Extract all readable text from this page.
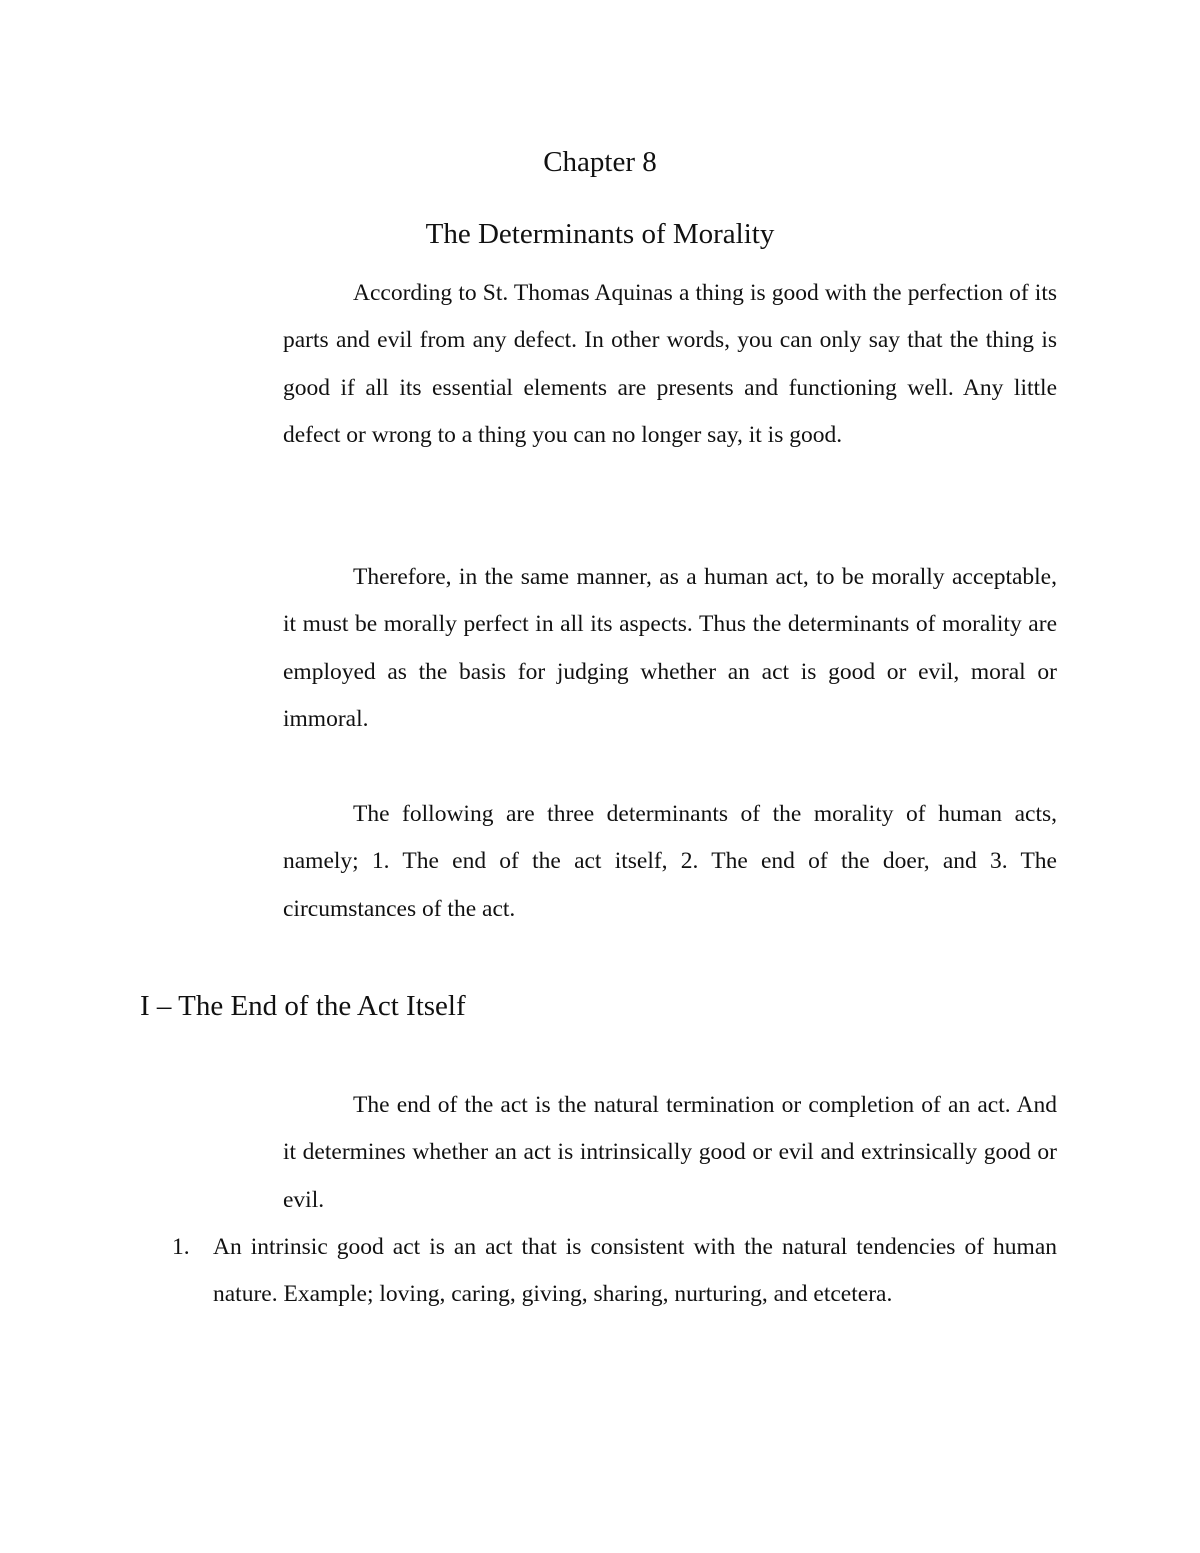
Chapter 8
The Determinants of Morality

According to St. Thomas Aquinas a thing is good with the perfection of its parts and evil from any defect. In other words, you can only say that the thing is good if all its essential elements are presents and functioning well. Any little defect or wrong to a thing you can no longer say, it is good.

Therefore, in the same manner, as a human act, to be morally acceptable, it must be morally perfect in all its aspects. Thus the determinants of morality are employed as the basis for judging whether an act is good or evil, moral or immoral.

The following are three determinants of the morality of human acts, namely; 1. The end of the act itself, 2. The end of the doer, and 3. The circumstances of the act.

I – The End of the Act Itself

The end of the act is the natural termination or completion of an act. And it determines whether an act is intrinsically good or evil and extrinsically good or evil.

1. An intrinsic good act is an act that is consistent with the natural tendencies of human nature. Example; loving, caring, giving, sharing, nurturing, and etcetera.
